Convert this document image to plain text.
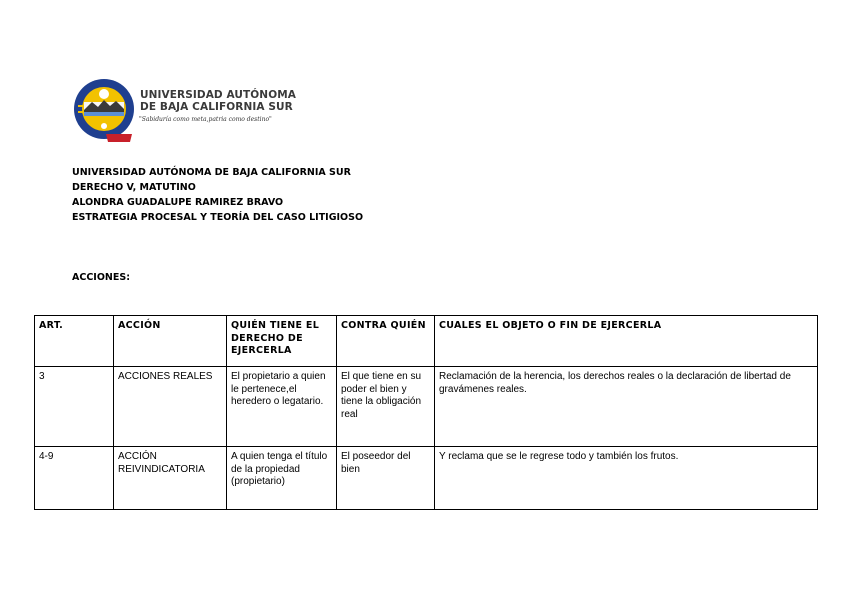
UNIVERSIDAD AUTÓNOMA
DE BAJA CALIFORNIA SUR
"Sabiduría como meta,patria como destino"
UNIVERSIDAD AUTÓNOMA DE BAJA CALIFORNIA SUR
DERECHO V, MATUTINO
ALONDRA GUADALUPE RAMIREZ BRAVO
ESTRATEGIA PROCESAL Y TEORÍA DEL CASO LITIGIOSO
ACCIONES:
ART.	ACCIÓN	QUIÉN TIENE EL DERECHO DE EJERCERLA	CONTRA QUIÉN	CUALES EL OBJETO O FIN DE EJERCERLA
3	ACCIONES REALES	El propietario a quien le pertenece,el heredero o legatario.	El que tiene en su poder el bien y tiene la obligación real	Reclamación de la herencia, los derechos reales o la declaración de libertad de gravámenes reales.
4-9	ACCIÓN REIVINDICATORIA	A quien tenga el título de la propiedad (propietario)	El poseedor del bien	Y reclama que se le regrese todo y también los frutos.
